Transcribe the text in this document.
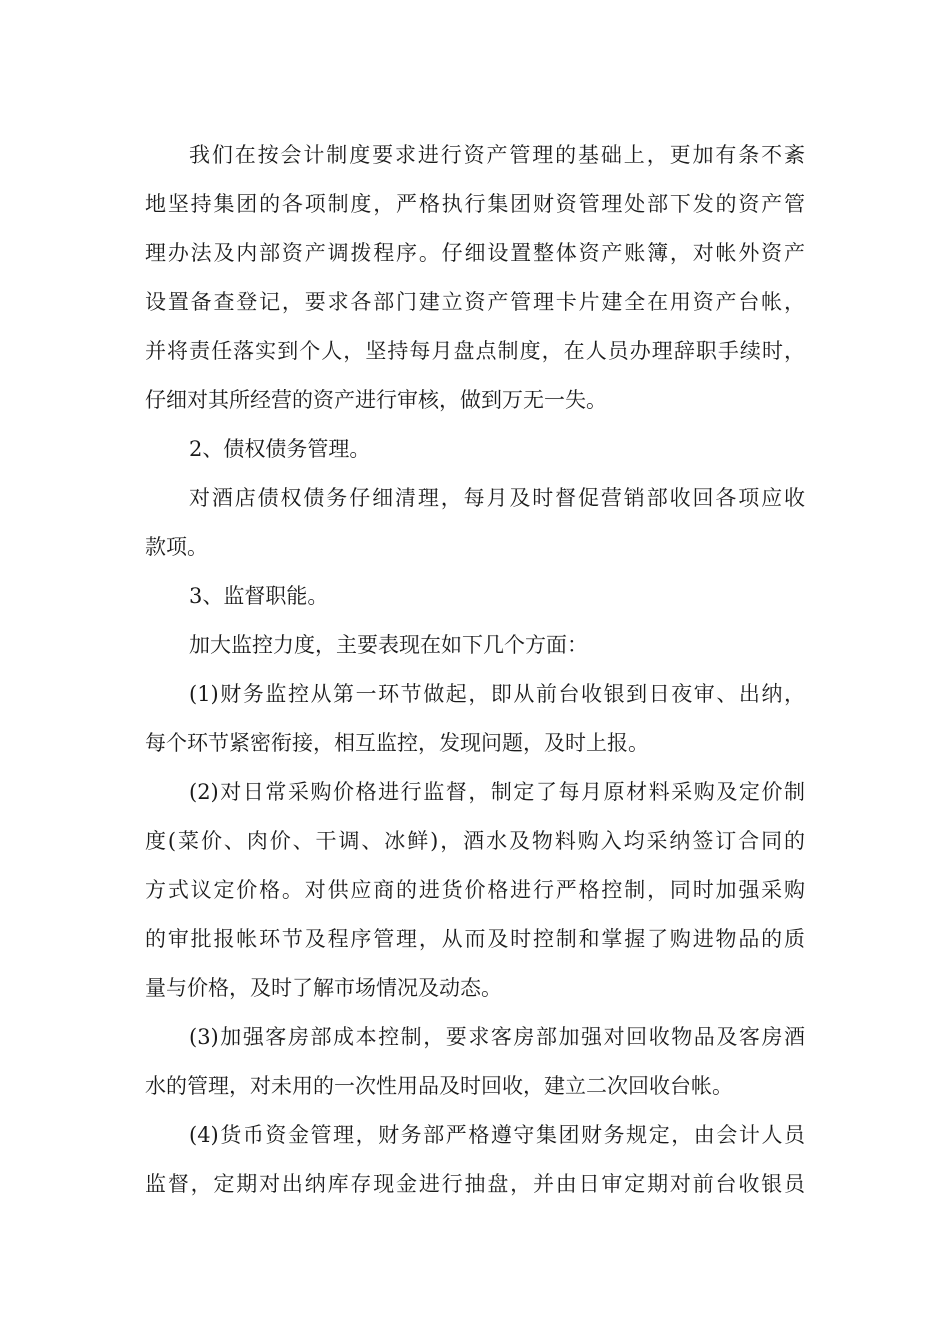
我们在按会计制度要求进行资产管理的基础上，更加有条不紊
地坚持集团的各项制度，严格执行集团财资管理处部下发的资产管
理办法及内部资产调拨程序。仔细设置整体资产账簿，对帐外资产
设置备查登记，要求各部门建立资产管理卡片建全在用资产台帐，
并将责任落实到个人，坚持每月盘点制度，在人员办理辞职手续时，
仔细对其所经营的资产进行审核，做到万无一失。
2、债权债务管理。
对酒店债权债务仔细清理，每月及时督促营销部收回各项应收
款项。
3、监督职能。
加大监控力度，主要表现在如下几个方面：
(1)财务监控从第一环节做起，即从前台收银到日夜审、出纳，
每个环节紧密衔接，相互监控，发现问题，及时上报。
(2)对日常采购价格进行监督，制定了每月原材料采购及定价制
度(菜价、肉价、干调、冰鲜)，酒水及物料购入均采纳签订合同的
方式议定价格。对供应商的进货价格进行严格控制，同时加强采购
的审批报帐环节及程序管理，从而及时控制和掌握了购进物品的质
量与价格，及时了解市场情况及动态。
(3)加强客房部成本控制，要求客房部加强对回收物品及客房酒
水的管理，对未用的一次性用品及时回收，建立二次回收台帐。
(4)货币资金管理，财务部严格遵守集团财务规定，由会计人员
监督，定期对出纳库存现金进行抽盘，并由日审定期对前台收银员
